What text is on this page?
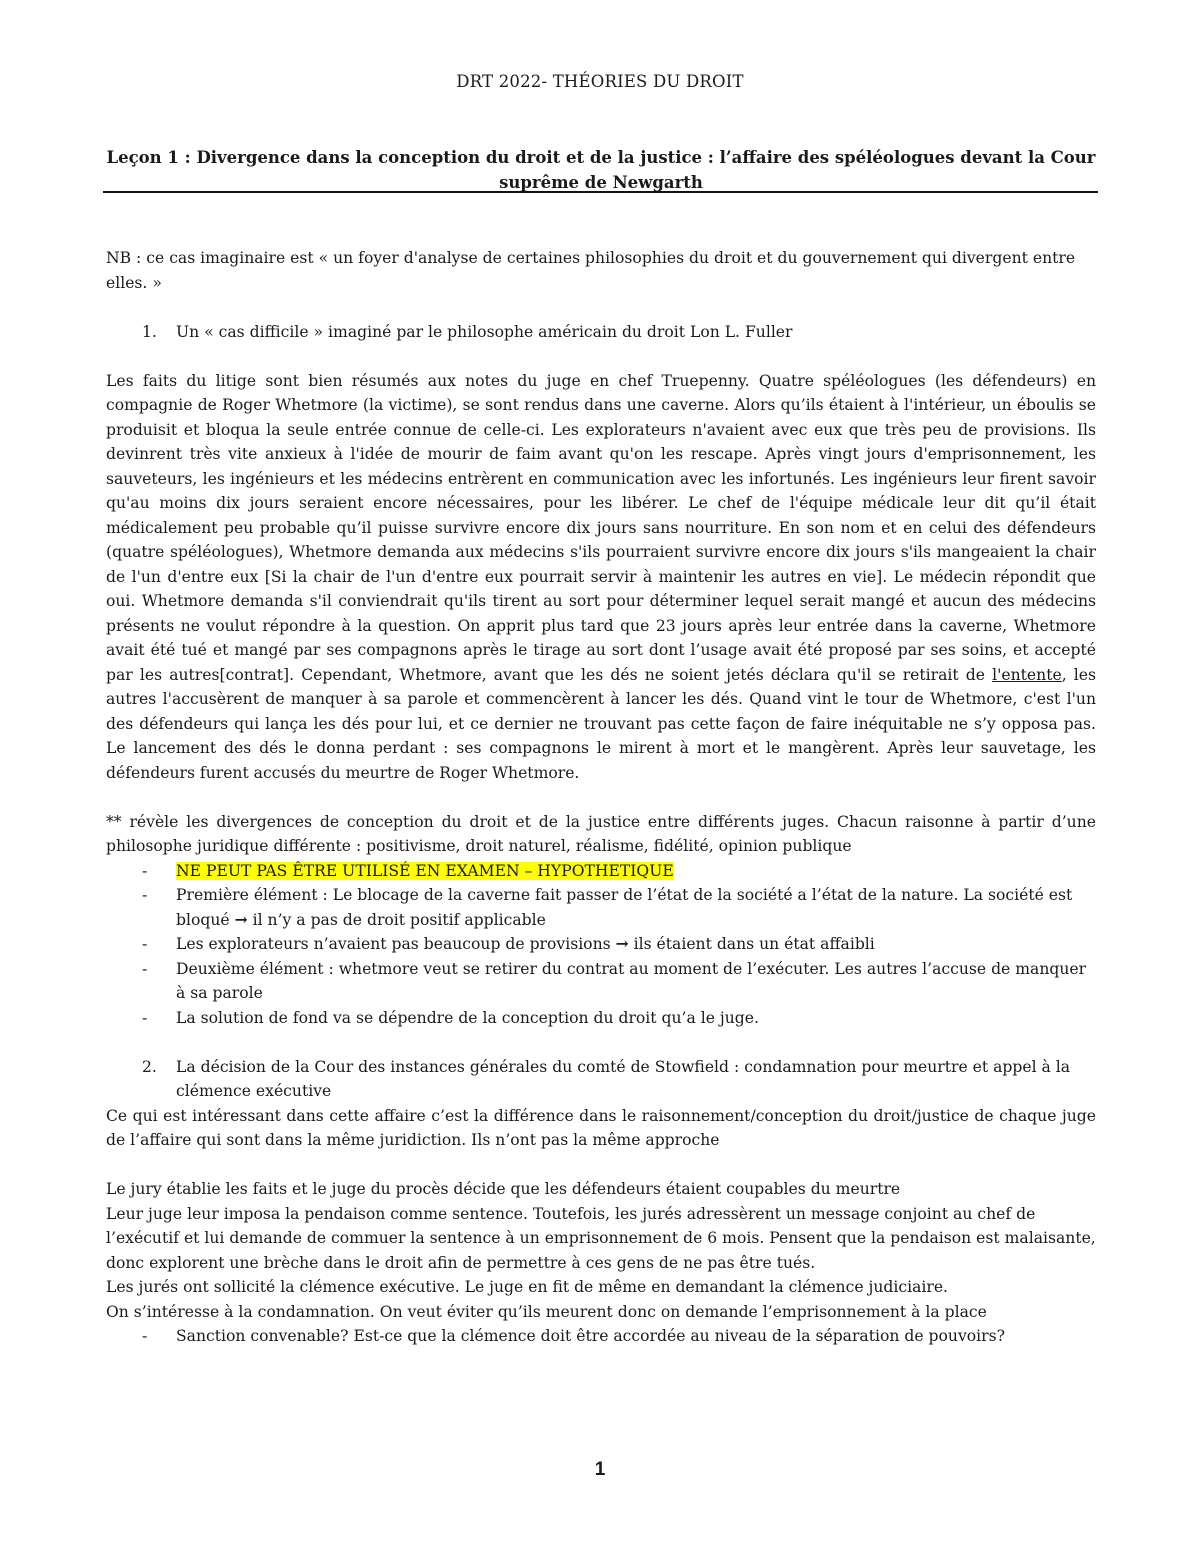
DRT 2022- THÉORIES DU DROIT
Leçon 1 : Divergence dans la conception du droit et de la justice : l’affaire des spéléologues devant la Cour suprême de Newgarth

NB : ce cas imaginaire est « un foyer d'analyse de certaines philosophies du droit et du gouvernement qui divergent entre elles. »

1.	Un « cas difficile » imaginé par le philosophe américain du droit Lon L. Fuller

Les faits du litige sont bien résumés aux notes du juge en chef Truepenny. Quatre spéléologues (les défendeurs) en compagnie de Roger Whetmore (la victime), se sont rendus dans une caverne. Alors qu’ils étaient à l'intérieur, un éboulis se produisit et bloqua la seule entrée connue de celle-ci. Les explorateurs n'avaient avec eux que très peu de provisions. Ils devinrent très vite anxieux à l'idée de mourir de faim avant qu'on les rescape. Après vingt jours d'emprisonnement, les sauveteurs, les ingénieurs et les médecins entrèrent en communication avec les infortunés. Les ingénieurs leur firent savoir qu'au moins dix jours seraient encore nécessaires, pour les libérer. Le chef de l'équipe médicale leur dit qu’il était médicalement peu probable qu’il puisse survivre encore dix jours sans nourriture. En son nom et en celui des défendeurs (quatre spéléologues), Whetmore demanda aux médecins s'ils pourraient survivre encore dix jours s'ils mangeaient la chair de l'un d'entre eux [Si la chair de l'un d'entre eux pourrait servir à maintenir les autres en vie]. Le médecin répondit que oui. Whetmore demanda s'il conviendrait qu'ils tirent au sort pour déterminer lequel serait mangé et aucun des médecins présents ne voulut répondre à la question. On apprit plus tard que 23 jours après leur entrée dans la caverne, Whetmore avait été tué et mangé par ses compagnons après le tirage au sort dont l’usage avait été proposé par ses soins, et accepté par les autres[contrat]. Cependant, Whetmore, avant que les dés ne soient jetés déclara qu'il se retirait de l'entente, les autres l'accusèrent de manquer à sa parole et commencèrent à lancer les dés. Quand vint le tour de Whetmore, c'est l'un des défendeurs qui lança les dés pour lui, et ce dernier ne trouvant pas cette façon de faire inéquitable ne s’y opposa pas. Le lancement des dés le donna perdant : ses compagnons le mirent à mort et le mangèrent. Après leur sauvetage, les défendeurs furent accusés du meurtre de Roger Whetmore.

** révèle les divergences de conception du droit et de la justice entre différents juges. Chacun raisonne à partir d’une philosophe juridique différente : positivisme, droit naturel, réalisme, fidélité, opinion publique

-	NE PEUT PAS ÊTRE UTILISÉ EN EXAMEN – HYPOTHETIQUE
-	Première élément : Le blocage de la caverne fait passer de l’état de la société a l’état de la nature. La société est bloqué → il n’y a pas de droit positif applicable
-	Les explorateurs n’avaient pas beaucoup de provisions → ils étaient dans un état affaibli
-	Deuxième élément : whetmore veut se retirer du contrat au moment de l’exécuter. Les autres l’accuse de manquer à sa parole
-	La solution de fond va se dépendre de la conception du droit qu’a le juge.
2.	La décision de la Cour des instances générales du comté de Stowfield : condamnation pour meurtre et appel à la clémence exécutive

Ce qui est intéressant dans cette affaire c’est la différence dans le raisonnement/conception du droit/justice de chaque juge de l’affaire qui sont dans la même juridiction. Ils n’ont pas la même approche

Le jury établie les faits et le juge du procès décide que les défendeurs étaient coupables du meurtre

Leur juge leur imposa la pendaison comme sentence. Toutefois, les jurés adressèrent un message conjoint au chef de l’exécutif et lui demande de commuer la sentence à un emprisonnement de 6 mois. Pensent que la pendaison est malaisante, donc explorent une brèche dans le droit afin de permettre à ces gens de ne pas être tués.

Les jurés ont sollicité la clémence exécutive. Le juge en fit de même en demandant la clémence judiciaire.

On s’intéresse à la condamnation. On veut éviter qu’ils meurent donc on demande l’emprisonnement à la place

-	Sanction convenable? Est-ce que la clémence doit être accordée au niveau de la séparation de pouvoirs?
1
